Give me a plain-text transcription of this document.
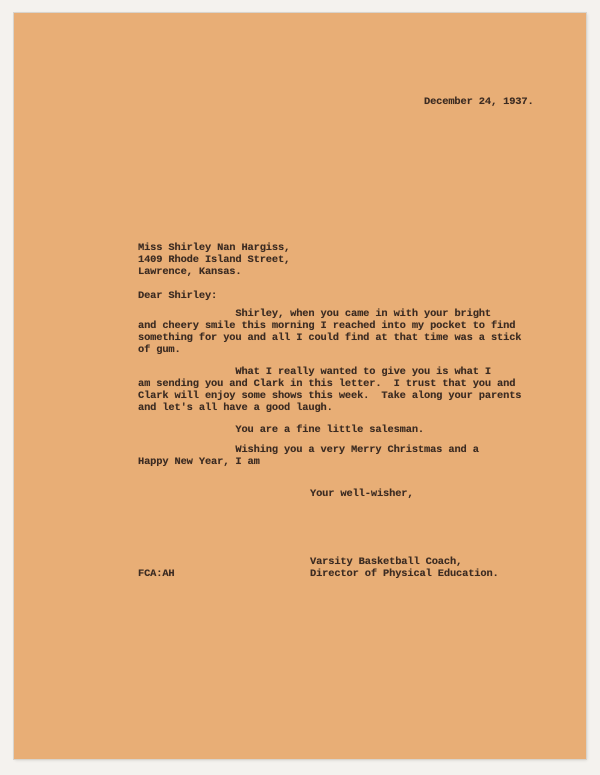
December 24, 1937.
Miss Shirley Nan Hargiss,
1409 Rhode Island Street,
Lawrence, Kansas.
Dear Shirley:
Shirley, when you came in with your bright
and cheery smile this morning I reached into my pocket to find
something for you and all I could find at that time was a stick
of gum.
What I really wanted to give you is what I
am sending you and Clark in this letter.  I trust that you and
Clark will enjoy some shows this week.  Take along your parents
and let's all have a good laugh.
You are a fine little salesman.
Wishing you a very Merry Christmas and a
Happy New Year, I am
Your well-wisher,
FCA:AH
Varsity Basketball Coach,
Director of Physical Education.
